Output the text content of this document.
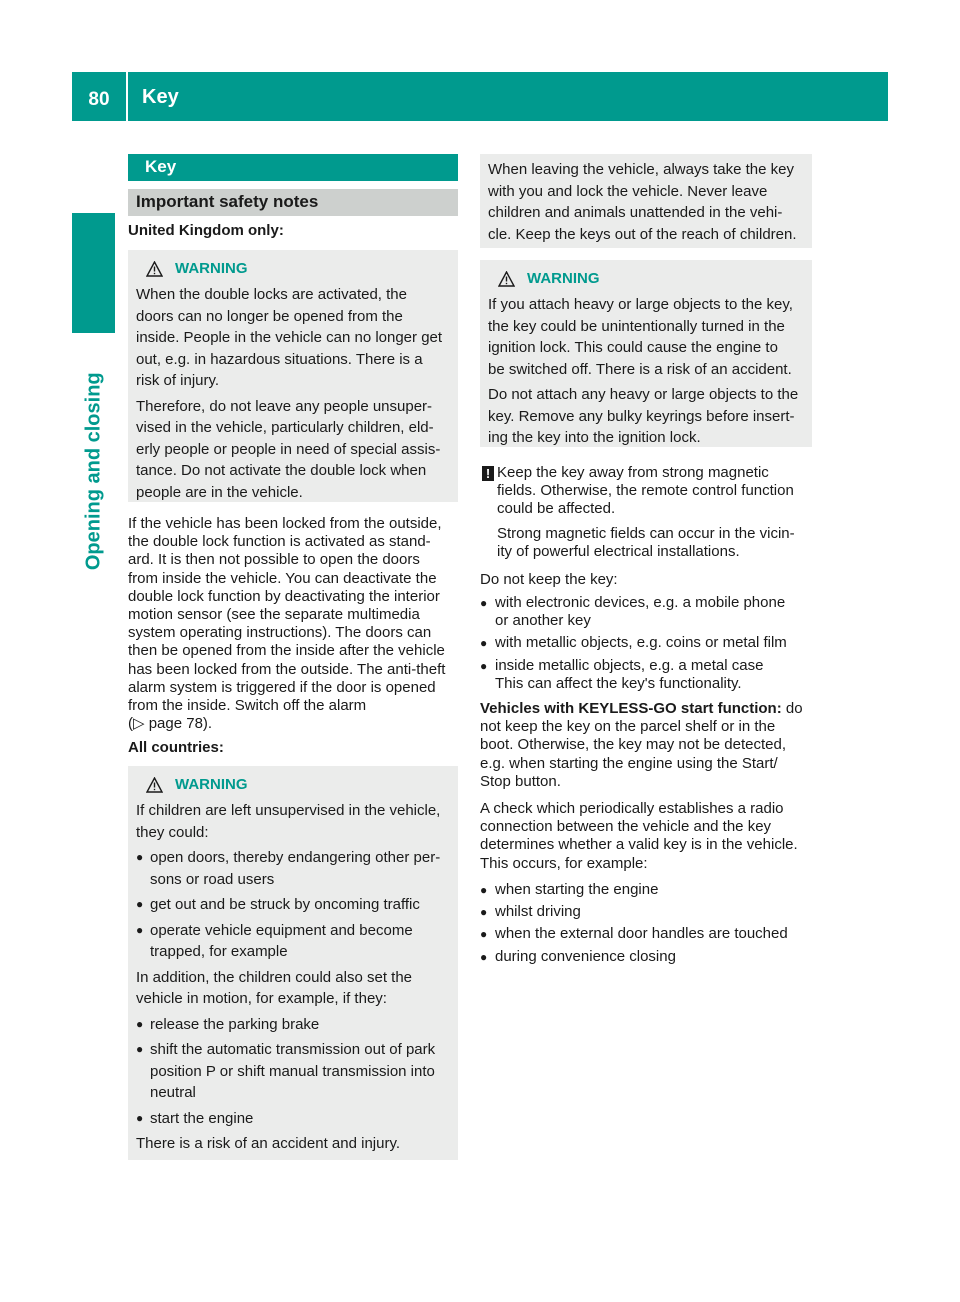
80	Key
Opening and closing
Key
Important safety notes
United Kingdom only:
WARNING

When the double locks are activated, the
doors can no longer be opened from the
inside. People in the vehicle can no longer get
out, e.g. in hazardous situations. There is a
risk of injury.

Therefore, do not leave any people unsuper-
vised in the vehicle, particularly children, eld-
erly people or people in need of special assis-
tance. Do not activate the double lock when
people are in the vehicle.

If the vehicle has been locked from the outside,
the double lock function is activated as stand-
ard. It is then not possible to open the doors
from inside the vehicle. You can deactivate the
double lock function by deactivating the interior
motion sensor (see the separate multimedia
system operating instructions). The doors can
then be opened from the inside after the vehicle
has been locked from the outside. The anti-theft
alarm system is triggered if the door is opened
from the inside. Switch off the alarm
(▷ page 78).
All countries:
WARNING

If children are left unsupervised in the vehicle,
they could:

● open doors, thereby endangering other per-
sons or road users
● get out and be struck by oncoming traffic
● operate vehicle equipment and become
trapped, for example

In addition, the children could also set the
vehicle in motion, for example, if they:

● release the parking brake
● shift the automatic transmission out of park
position P or shift manual transmission into
neutral
● start the engine

There is a risk of an accident and injury.

When leaving the vehicle, always take the key
with you and lock the vehicle. Never leave
children and animals unattended in the vehi-
cle. Keep the keys out of the reach of children.

WARNING

If you attach heavy or large objects to the key,
the key could be unintentionally turned in the
ignition lock. This could cause the engine to
be switched off. There is a risk of an accident.

Do not attach any heavy or large objects to the
key. Remove any bulky keyrings before insert-
ing the key into the ignition lock.

! Keep the key away from strong magnetic
fields. Otherwise, the remote control function
could be affected.
Strong magnetic fields can occur in the vicin-
ity of powerful electrical installations.
Do not keep the key:
● with electronic devices, e.g. a mobile phone
or another key
● with metallic objects, e.g. coins or metal film
● inside metallic objects, e.g. a metal case
This can affect the key's functionality.
Vehicles with KEYLESS-GO start function: do
not keep the key on the parcel shelf or in the
boot. Otherwise, the key may not be detected,
e.g. when starting the engine using the Start/
Stop button.
A check which periodically establishes a radio
connection between the vehicle and the key
determines whether a valid key is in the vehicle.
This occurs, for example:
● when starting the engine
● whilst driving
● when the external door handles are touched
● during convenience closing
